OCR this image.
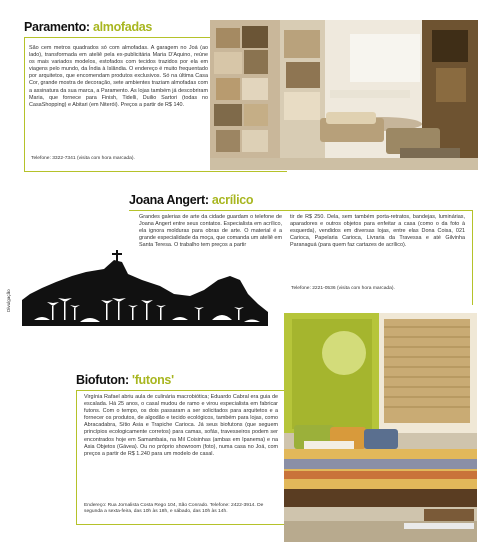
Paramento: almofadas

São cem metros quadrados só com almofadas. A garagem no Joá (ao lado), transformada em ateliê pela ex-publicitária Maria D'Aquino, reúne os mais variados modelos, estofados com tecidos trazidos por ela em viagens pelo mundo, da Índia à Islândia. O endereço é muito frequentado por arquitetos, que encomendam produtos exclusivos. Só na última Casa Cor, grande mostra de decoração, sete ambientes traziam almofadas com a assinatura da sua marca, a Paramento. As lojas também já descobriram Maria, que fornece para Finish, Tidelli, Duilio Sartori (todas no CasaShopping) e Abitari (em Niterói). Preços a partir de R$ 140.

Telefone: 3322-7341 (visita com hora marcada).

Joana Angert: acrílico

Grandes galerias de arte da cidade guardam o telefone de Joana Angert entre seus contatos. Especialista em acrílico, ela ignora molduras para obras de arte. O material é a grande especialidade da moça, que comanda um ateliê em Santa Teresa. O trabalho tem preços a partir

tir de R$ 250. Dela, sem também porta-retratos, bandejas, luminárias, aparadores e outros objetos para enfeitar a casa (como o da foto à esquerda), vendidos em diversas lojas, entre elas Dona Coisa, 021 Carioca, Papelaria Carioca, Livraria da Travessa e até Gilvinha Paranaguá (para quem faz cartazes de acrílico).

Telefone: 2221-0536 (visita com hora marcada).

Divulgação
Biofuton: 'futons'

Virgínia Rafael abriu aula de culinária macrobiótica; Eduardo Cabral era guia de escalada. Há 25 anos, o casal mudou de ramo e virou especialista em fabricar futons. Com o tempo, os dois passaram a ser solicitados para arquitetos e a fornecer os produtos, de algodão e tecido ecológicos, também para lojas, como Abracadabra, Sítio Asia e Trapiche Carioca. Já seus biofutons (que seguem princípios ecologicamente corretos) para camas, sofás, travesseiros podem ser encontrados hoje em Samambaia, na Mil Coisinhas (ambas em Ipanema) e na Asia Objetos (Gávea). Ou no próprio showroom (foto), numa casa no Joá, com preços a partir de R$ 1.240 para um modelo de casal.

Endereço: Rua Jornalista Costa Rego 104, São Conrado. Telefone: 2422-3914. De segunda a sexta-feira, das 10h às 18h, e sábado, das 10h às 14h.
